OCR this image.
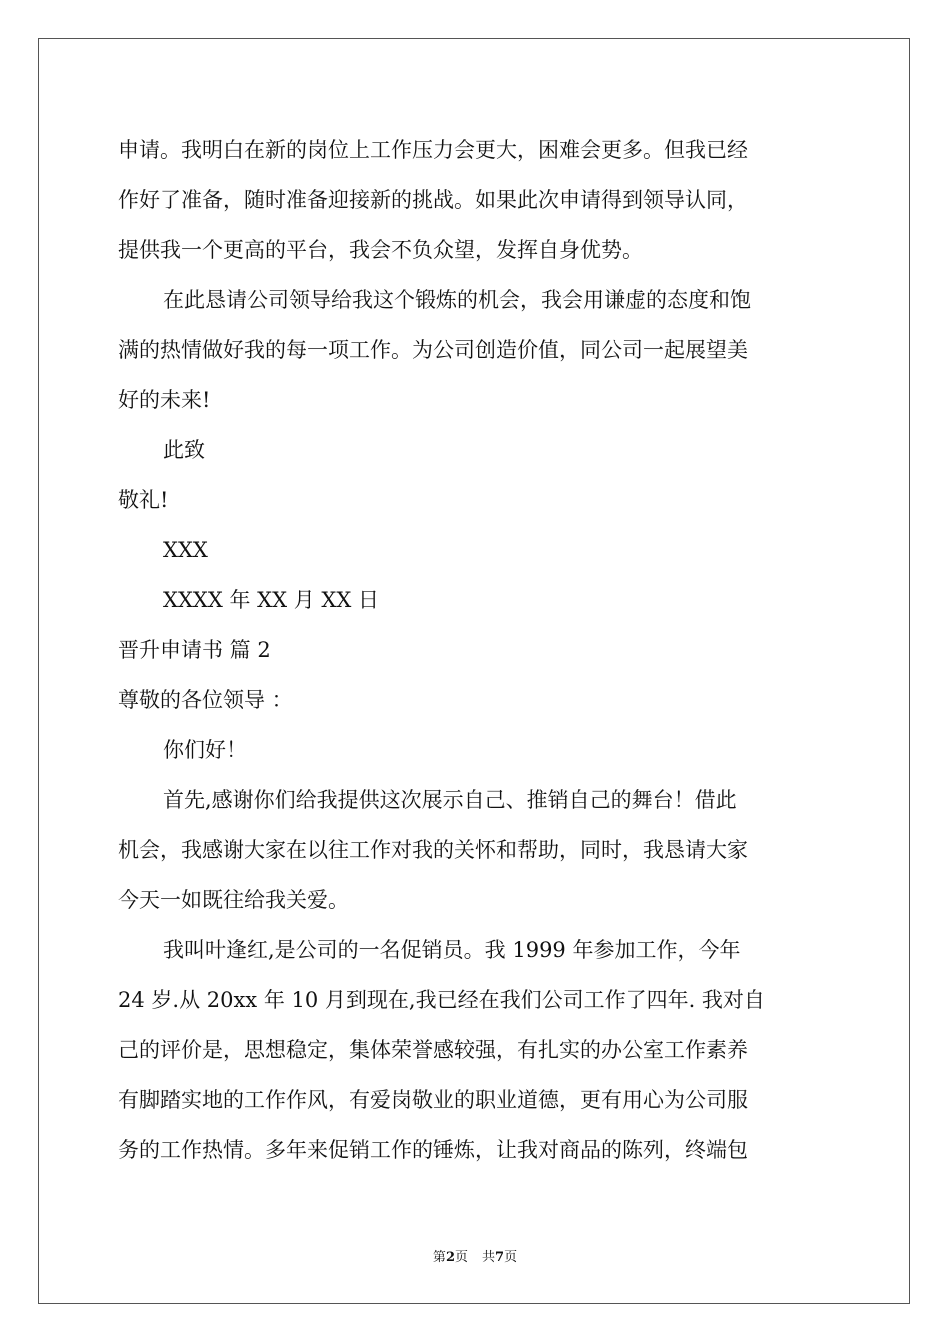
申请。我明白在新的岗位上工作压力会更大，困难会更多。但我已经
作好了准备，随时准备迎接新的挑战。如果此次申请得到领导认同，
提供我一个更高的平台，我会不负众望，发挥自身优势。
在此恳请公司领导给我这个锻炼的机会，我会用谦虚的态度和饱
满的热情做好我的每一项工作。为公司创造价值，同公司一起展望美
好的未来!
此致
敬礼!
XXX
XXXX 年 XX 月 XX 日
晋升申请书 篇 2
尊敬的各位领导 ：
你们好！
首先,感谢你们给我提供这次展示自己、推销自己的舞台！借此
机会，我感谢大家在以往工作对我的关怀和帮助，同时，我恳请大家
今天一如既往给我关爱。
我叫叶逢红,是公司的一名促销员。我 1999 年参加工作，今年
24 岁.从 20xx 年 10 月到现在,我已经在我们公司工作了四年. 我对自
己的评价是，思想稳定，集体荣誉感较强，有扎实的办公室工作素养
有脚踏实地的工作作风，有爱岗敬业的职业道德，更有用心为公司服
务的工作热情。多年来促销工作的锤炼，让我对商品的陈列，终端包
第2页 共7页
